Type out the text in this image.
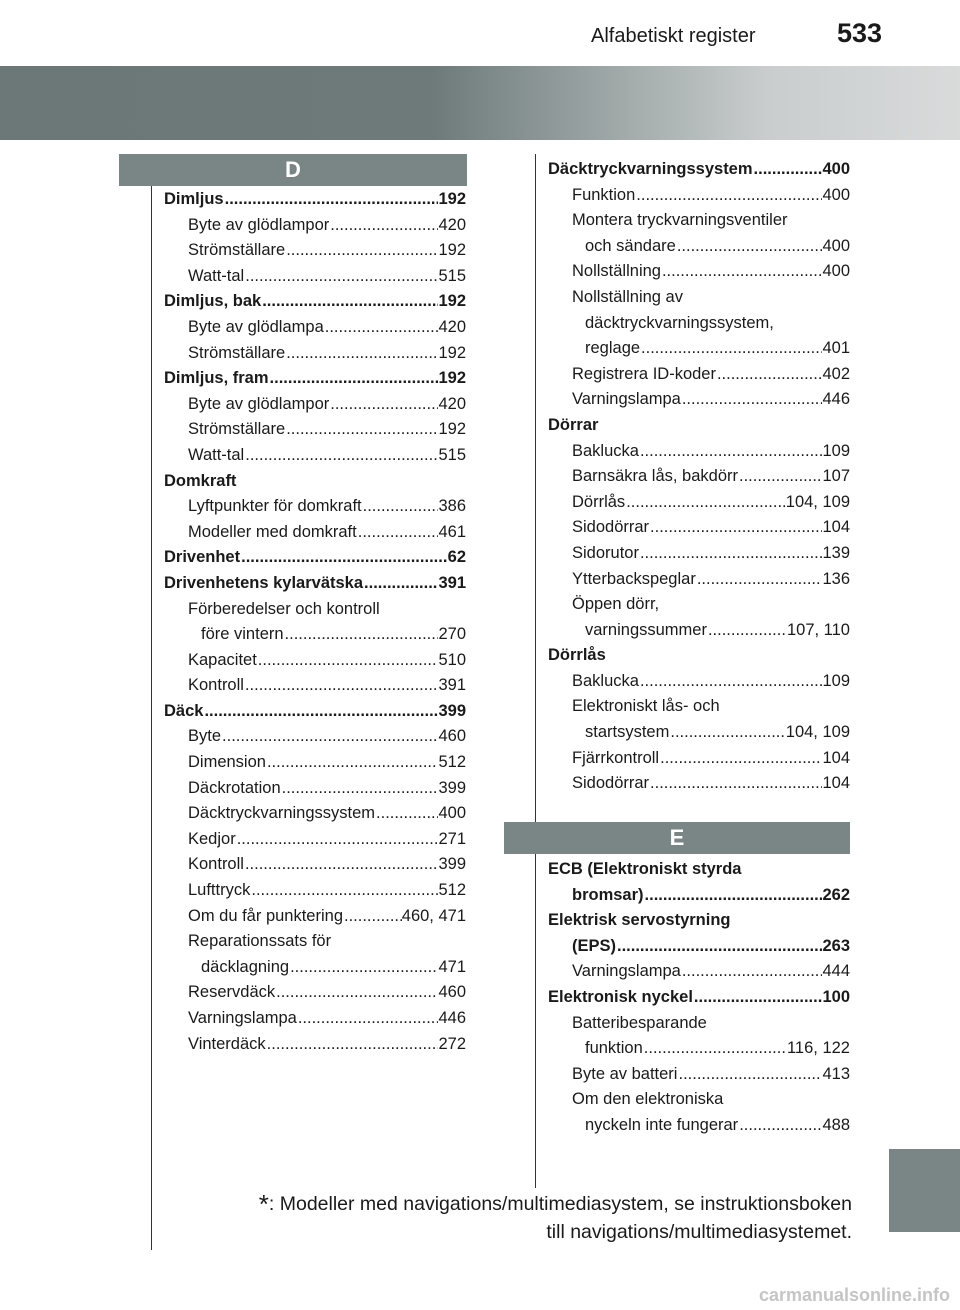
Alfabetiskt register	533
D
Dimljus .....	192
Byte av glödlampor .....	420
Strömställare .....	192
Watt-tal .....	515
Dimljus, bak .....	192
Byte av glödlampa .....	420
Strömställare .....	192
Dimljus, fram .....	192
Byte av glödlampor .....	420
Strömställare .....	192
Watt-tal .....	515
Domkraft
Lyftpunkter för domkraft .....	386
Modeller med domkraft .....	461
Drivenhet .....	62
Drivenhetens kylarvätska .....	391
Förberedelser och kontroll
före vintern .....	270
Kapacitet .....	510
Kontroll .....	391
Däck .....	399
Byte .....	460
Dimension .....	512
Däckrotation .....	399
Däcktryckvarningssystem .....	400
Kedjor .....	271
Kontroll .....	399
Lufttryck .....	512
Om du får punktering .....	460, 471
Reparationssats för
däcklagning .....	471
Reservdäck .....	460
Varningslampa .....	446
Vinterdäck .....	272
Däcktryckvarningssystem .....	400
Funktion .....	400
Montera tryckvarningsventiler
och sändare .....	400
Nollställning .....	400
Nollställning av
däcktryckvarningssystem,
reglage .....	401
Registrera ID-koder .....	402
Varningslampa .....	446
Dörrar
Baklucka .....	109
Barnsäkra lås, bakdörr .....	107
Dörrlås .....	104, 109
Sidodörrar .....	104
Sidorutor .....	139
Ytterbackspeglar .....	136
Öppen dörr,
varningssummer .....	107, 110
Dörrlås
Baklucka .....	109
Elektroniskt lås- och
startsystem .....	104, 109
Fjärrkontroll .....	104
Sidodörrar .....	104
E
ECB (Elektroniskt styrda
bromsar) .....	262
Elektrisk servostyrning
(EPS) .....	263
Varningslampa .....	444
Elektronisk nyckel .....	100
Batteribesparande
funktion .....	116, 122
Byte av batteri .....	413
Om den elektroniska
nyckeln inte fungerar .....	488
*: Modeller med navigations/multimediasystem, se instruktionsboken
till navigations/multimediasystemet.
carmanualsonline.info
